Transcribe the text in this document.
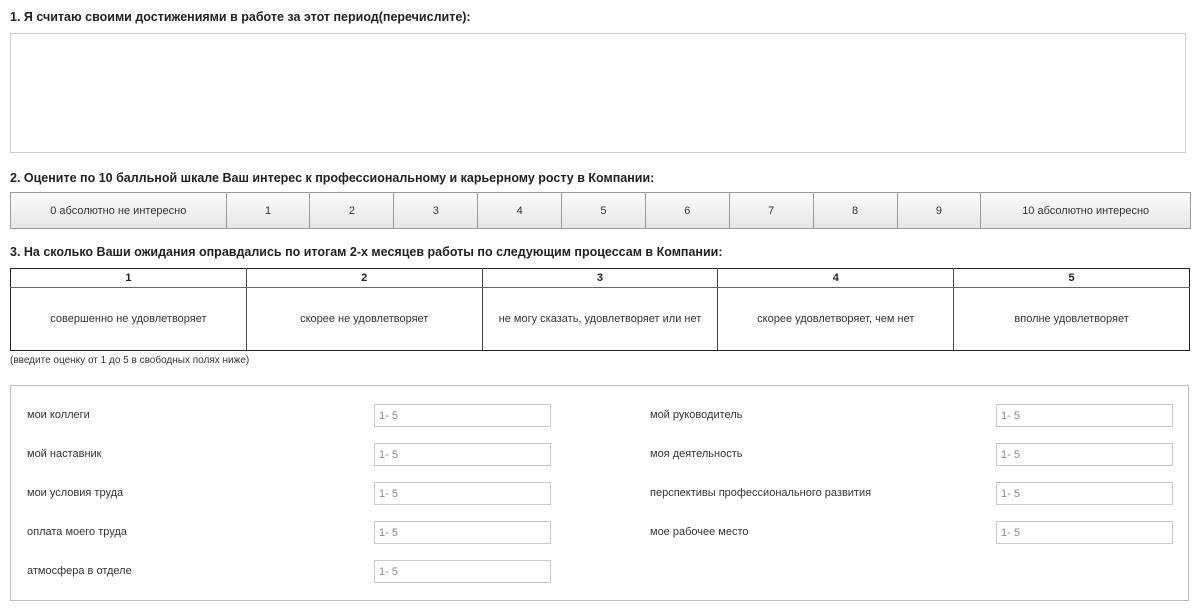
1. Я считаю своими достижениями в работе за этот период(перечислите):
2. Оцените по 10 балльной шкале Ваш интерес к профессиональному и карьерному росту в Компании:
0 абсолютно не интересно	1	2	3	4	5	6	7	8	9	10 абсолютно интересно
3. На сколько Ваши ожидания оправдались по итогам 2-х месяцев работы по следующим процессам в Компании:
1	2	3	4	5
совершенно не удовлетворяет	скорее не удовлетворяет	не могу сказать, удовлетворяет или нет	скорее удовлетворяет, чем нет	вполне удовлетворяет
(введите оценку от 1 до 5 в свободных полях ниже)
мои коллеги
1- 5
мой наставник
1- 5
мои условия труда
1- 5
оплата моего труда
1- 5
атмосфера в отделе
1- 5
мой руководитель
1- 5
моя деятельность
1- 5
перспективы профессионального развития
1- 5
мое рабочее место
1- 5
